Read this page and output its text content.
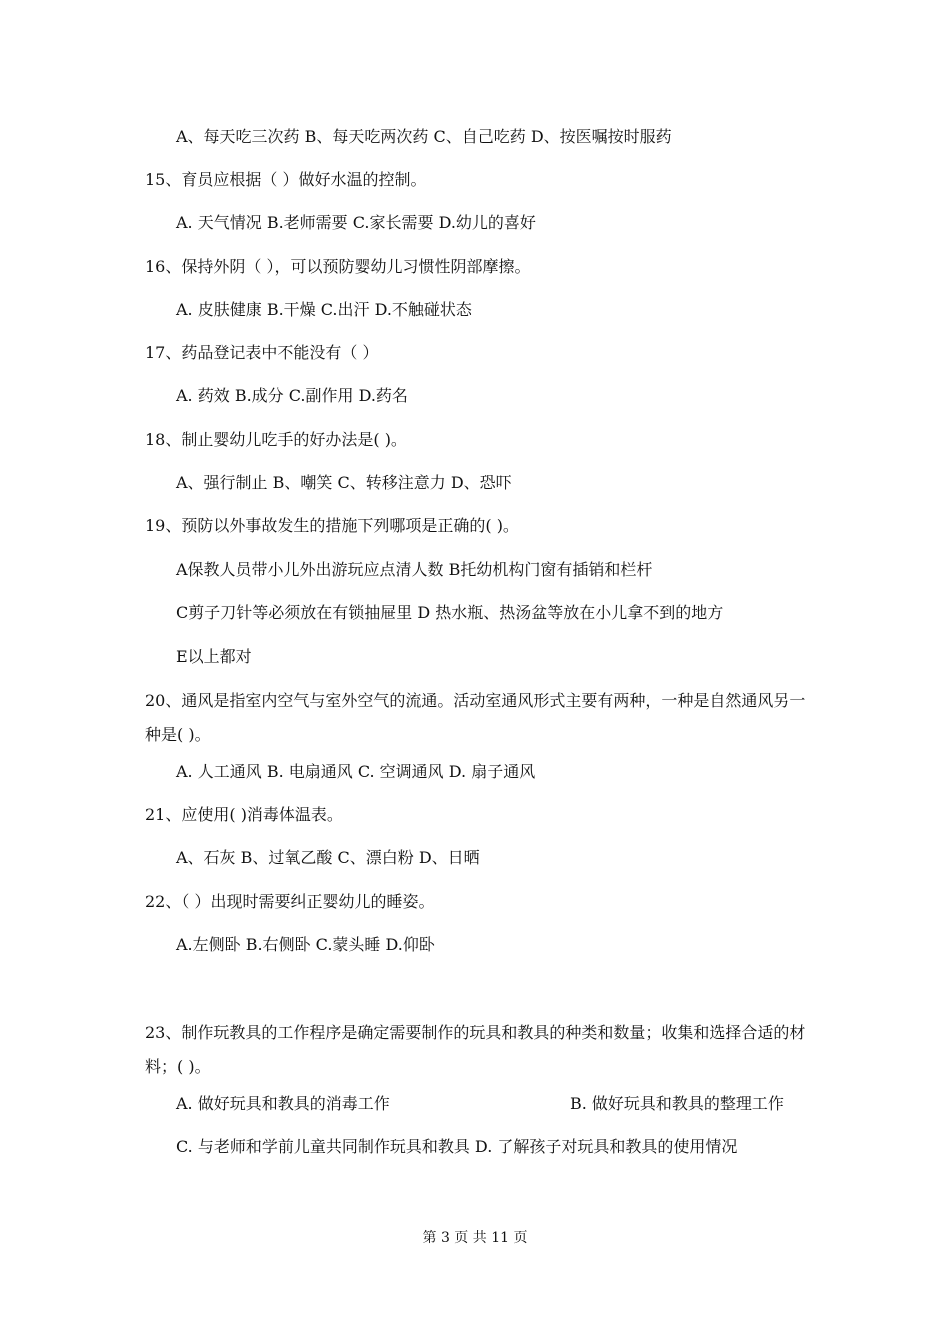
A、每天吃三次药 B、每天吃两次药 C、自己吃药 D、按医嘱按时服药
15、育员应根据（ ）做好水温的控制。
A. 天气情况 B.老师需要 C.家长需要 D.幼儿的喜好
16、保持外阴（ ），可以预防婴幼儿习惯性阴部摩擦。
A. 皮肤健康 B.干燥 C.出汗 D.不触碰状态
17、药品登记表中不能没有（ ）
A. 药效 B.成分 C.副作用 D.药名
18、制止婴幼儿吃手的好办法是( )。
A、强行制止 B、嘲笑 C、转移注意力 D、恐吓
19、预防以外事故发生的措施下列哪项是正确的( )。
A保教人员带小儿外出游玩应点清人数 B托幼机构门窗有插销和栏杆
C剪子刀针等必须放在有锁抽屉里 D 热水瓶、热汤盆等放在小儿拿不到的地方
E以上都对
20、通风是指室内空气与室外空气的流通。活动室通风形式主要有两种，一种是自然通风另一种是( )。
A. 人工通风 B. 电扇通风 C. 空调通风 D. 扇子通风
21、应使用( )消毒体温表。
A、石灰 B、过氧乙酸 C、漂白粉 D、日晒
22、（ ）出现时需要纠正婴幼儿的睡姿。
A.左侧卧 B.右侧卧 C.蒙头睡 D.仰卧
23、制作玩教具的工作程序是确定需要制作的玩具和教具的种类和数量；收集和选择合适的材料；( )。
A. 做好玩具和教具的消毒工作	B. 做好玩具和教具的整理工作
C. 与老师和学前儿童共同制作玩具和教具 D. 了解孩子对玩具和教具的使用情况
第 3 页 共 11 页
